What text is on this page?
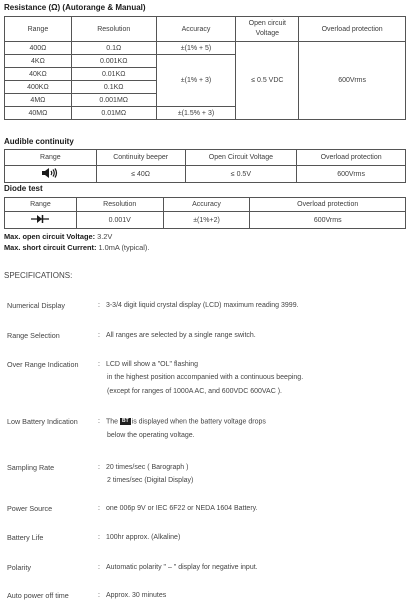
Resistance (Ω) (Autorange & Manual)
Range	Resolution	Accuracy	Open circuit Voltage	Overload protection
400Ω	0.1Ω	±(1% + 5)	≤ 0.5 VDC	600Vrms
4KΩ	0.001KΩ	±(1% + 3)		
40KΩ	0.01KΩ			
400KΩ	0.1KΩ			
4MΩ	0.001MΩ			
40MΩ	0.01MΩ	±(1.5% + 3)		
Audible continuity
Range	Continuity beeper	Open Circuit Voltage	Overload protection
	≤ 40Ω	≤ 0.5V	600Vrms
Diode test
Range	Resolution	Accuracy	Overload protection
	0.001V	±(1%+2)	600Vrms
Max. open circuit Voltage: 3.2V
Max. short circuit Current: 1.0mA (typical).
SPECIFICATIONS:
Numerical Display	: 3-3/4 digit liquid crystal display (LCD) maximum reading 3999.
Range Selection	: All ranges are selected by a single range switch.
Over Range Indication	: LCD will show a "OL" flashing
in the highest position accompanied with a continuous beeping.
(except for ranges of 1000A AC, and 600VDC 600VAC ).
Low Battery Indication	: The BT is displayed when the battery voltage drops
below the operating voltage.
Sampling Rate	: 20 times/sec ( Barograph )
2 times/sec (Digital Display)
Power Source	: one 006p 9V or IEC 6F22 or NEDA 1604 Battery.
Battery Life	: 100hr approx. (Alkaline)
Polarity	: Automatic polarity " – " display for negative input.
Auto power off time	: Approx. 30 minutes
